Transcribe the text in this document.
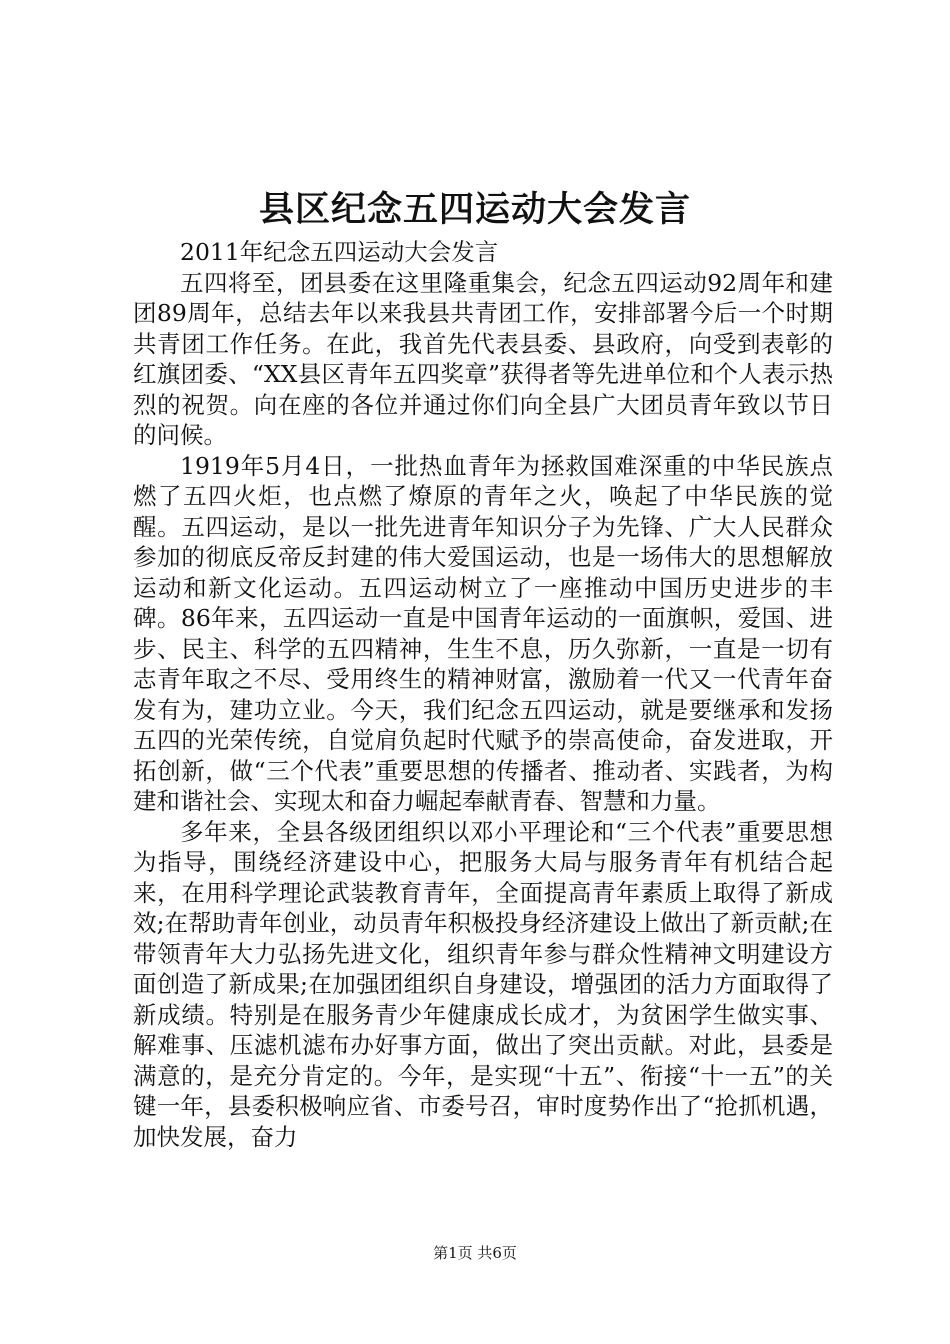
县区纪念五四运动大会发言

2011年纪念五四运动大会发言

五四将至，团县委在这里隆重集会，纪念五四运动92周年和建团89周年，总结去年以来我县共青团工作，安排部署今后一个时期共青团工作任务。在此，我首先代表县委、县政府，向受到表彰的红旗团委、“XX县区青年五四奖章”获得者等先进单位和个人表示热烈的祝贺。向在座的各位并通过你们向全县广大团员青年致以节日的问候。

1919年5月4日，一批热血青年为拯救国难深重的中华民族点燃了五四火炬，也点燃了燎原的青年之火，唤起了中华民族的觉醒。五四运动，是以一批先进青年知识分子为先锋、广大人民群众参加的彻底反帝反封建的伟大爱国运动，也是一场伟大的思想解放运动和新文化运动。五四运动树立了一座推动中国历史进步的丰碑。86年来，五四运动一直是中国青年运动的一面旗帜，爱国、进步、民主、科学的五四精神，生生不息，历久弥新，一直是一切有志青年取之不尽、受用终生的精神财富，激励着一代又一代青年奋发有为，建功立业。今天，我们纪念五四运动，就是要继承和发扬五四的光荣传统，自觉肩负起时代赋予的崇高使命，奋发进取，开拓创新，做“三个代表”重要思想的传播者、推动者、实践者，为构建和谐社会、实现太和奋力崛起奉献青春、智慧和力量。

多年来，全县各级团组织以邓小平理论和“三个代表”重要思想为指导，围绕经济建设中心，把服务大局与服务青年有机结合起来，在用科学理论武装教育青年，全面提高青年素质上取得了新成效;在帮助青年创业，动员青年积极投身经济建设上做出了新贡献;在带领青年大力弘扬先进文化，组织青年参与群众性精神文明建设方面创造了新成果;在加强团组织自身建设，增强团的活力方面取得了新成绩。特别是在服务青少年健康成长成才，为贫困学生做实事、解难事、压滤机滤布办好事方面，做出了突出贡献。对此，县委是满意的，是充分肯定的。今年，是实现“十五”、衔接“十一五”的关键一年，县委积极响应省、市委号召，审时度势作出了“抢抓机遇，加快发展，奋力

第1页 共6页
